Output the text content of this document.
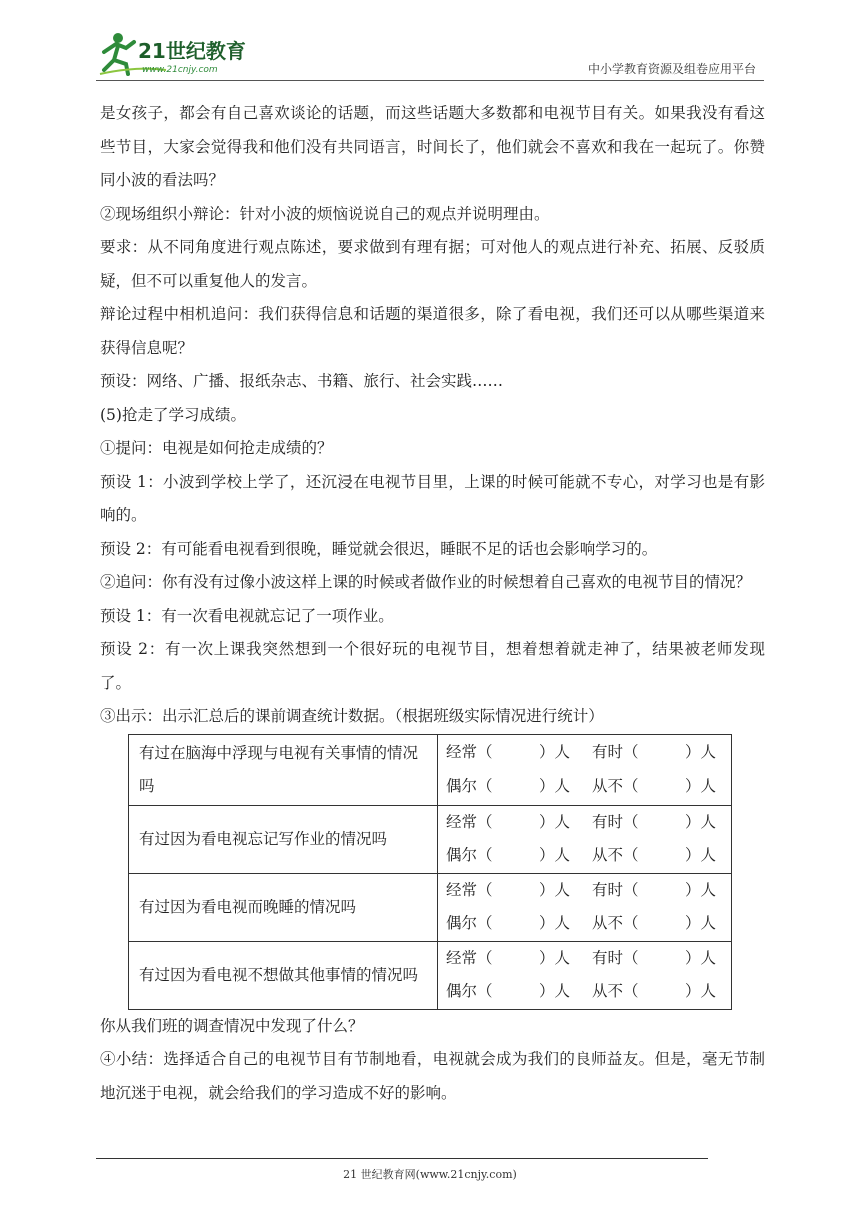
21世纪教育
www.21cnjy.com	中小学教育资源及组卷应用平台

是女孩子，都会有自己喜欢谈论的话题，而这些话题大多数都和电视节目有关。如果我没有看这些节目，大家会觉得我和他们没有共同语言，时间长了，他们就会不喜欢和我在一起玩了。你赞同小波的看法吗？

②现场组织小辩论：针对小波的烦恼说说自己的观点并说明理由。

要求：从不同角度进行观点陈述，要求做到有理有据；可对他人的观点进行补充、拓展、反驳质疑，但不可以重复他人的发言。

辩论过程中相机追问：我们获得信息和话题的渠道很多，除了看电视，我们还可以从哪些渠道来获得信息呢？

预设：网络、广播、报纸杂志、书籍、旅行、社会实践……

(5)抢走了学习成绩。

①提问：电视是如何抢走成绩的？

预设 1：小波到学校上学了，还沉浸在电视节目里，上课的时候可能就不专心，对学习也是有影响的。

预设 2：有可能看电视看到很晚，睡觉就会很迟，睡眠不足的话也会影响学习的。

②追问：你有没有过像小波这样上课的时候或者做作业的时候想着自己喜欢的电视节目的情况？

预设 1：有一次看电视就忘记了一项作业。

预设 2：有一次上课我突然想到一个很好玩的电视节目，想着想着就走神了，结果被老师发现了。

③出示：出示汇总后的课前调查统计数据。（根据班级实际情况进行统计）

有过在脑海中浮现与电视有关事情的情况吗	经常（　　　）人 有时（　　　）人
偶尔（　　　）人 从不（　　　）人

有过因为看电视忘记写作业的情况吗	经常（　　　）人 有时（　　　）人
偶尔（　　　）人 从不（　　　）人

有过因为看电视而晚睡的情况吗	经常（　　　）人 有时（　　　）人
偶尔（　　　）人 从不（　　　）人

有过因为看电视不想做其他事情的情况吗	经常（　　　）人 有时（　　　）人
偶尔（　　　）人 从不（　　　）人

你从我们班的调查情况中发现了什么？

④小结：选择适合自己的电视节目有节制地看，电视就会成为我们的良师益友。但是，毫无节制地沉迷于电视，就会给我们的学习造成不好的影响。

21 世纪教育网(www.21cnjy.com)
